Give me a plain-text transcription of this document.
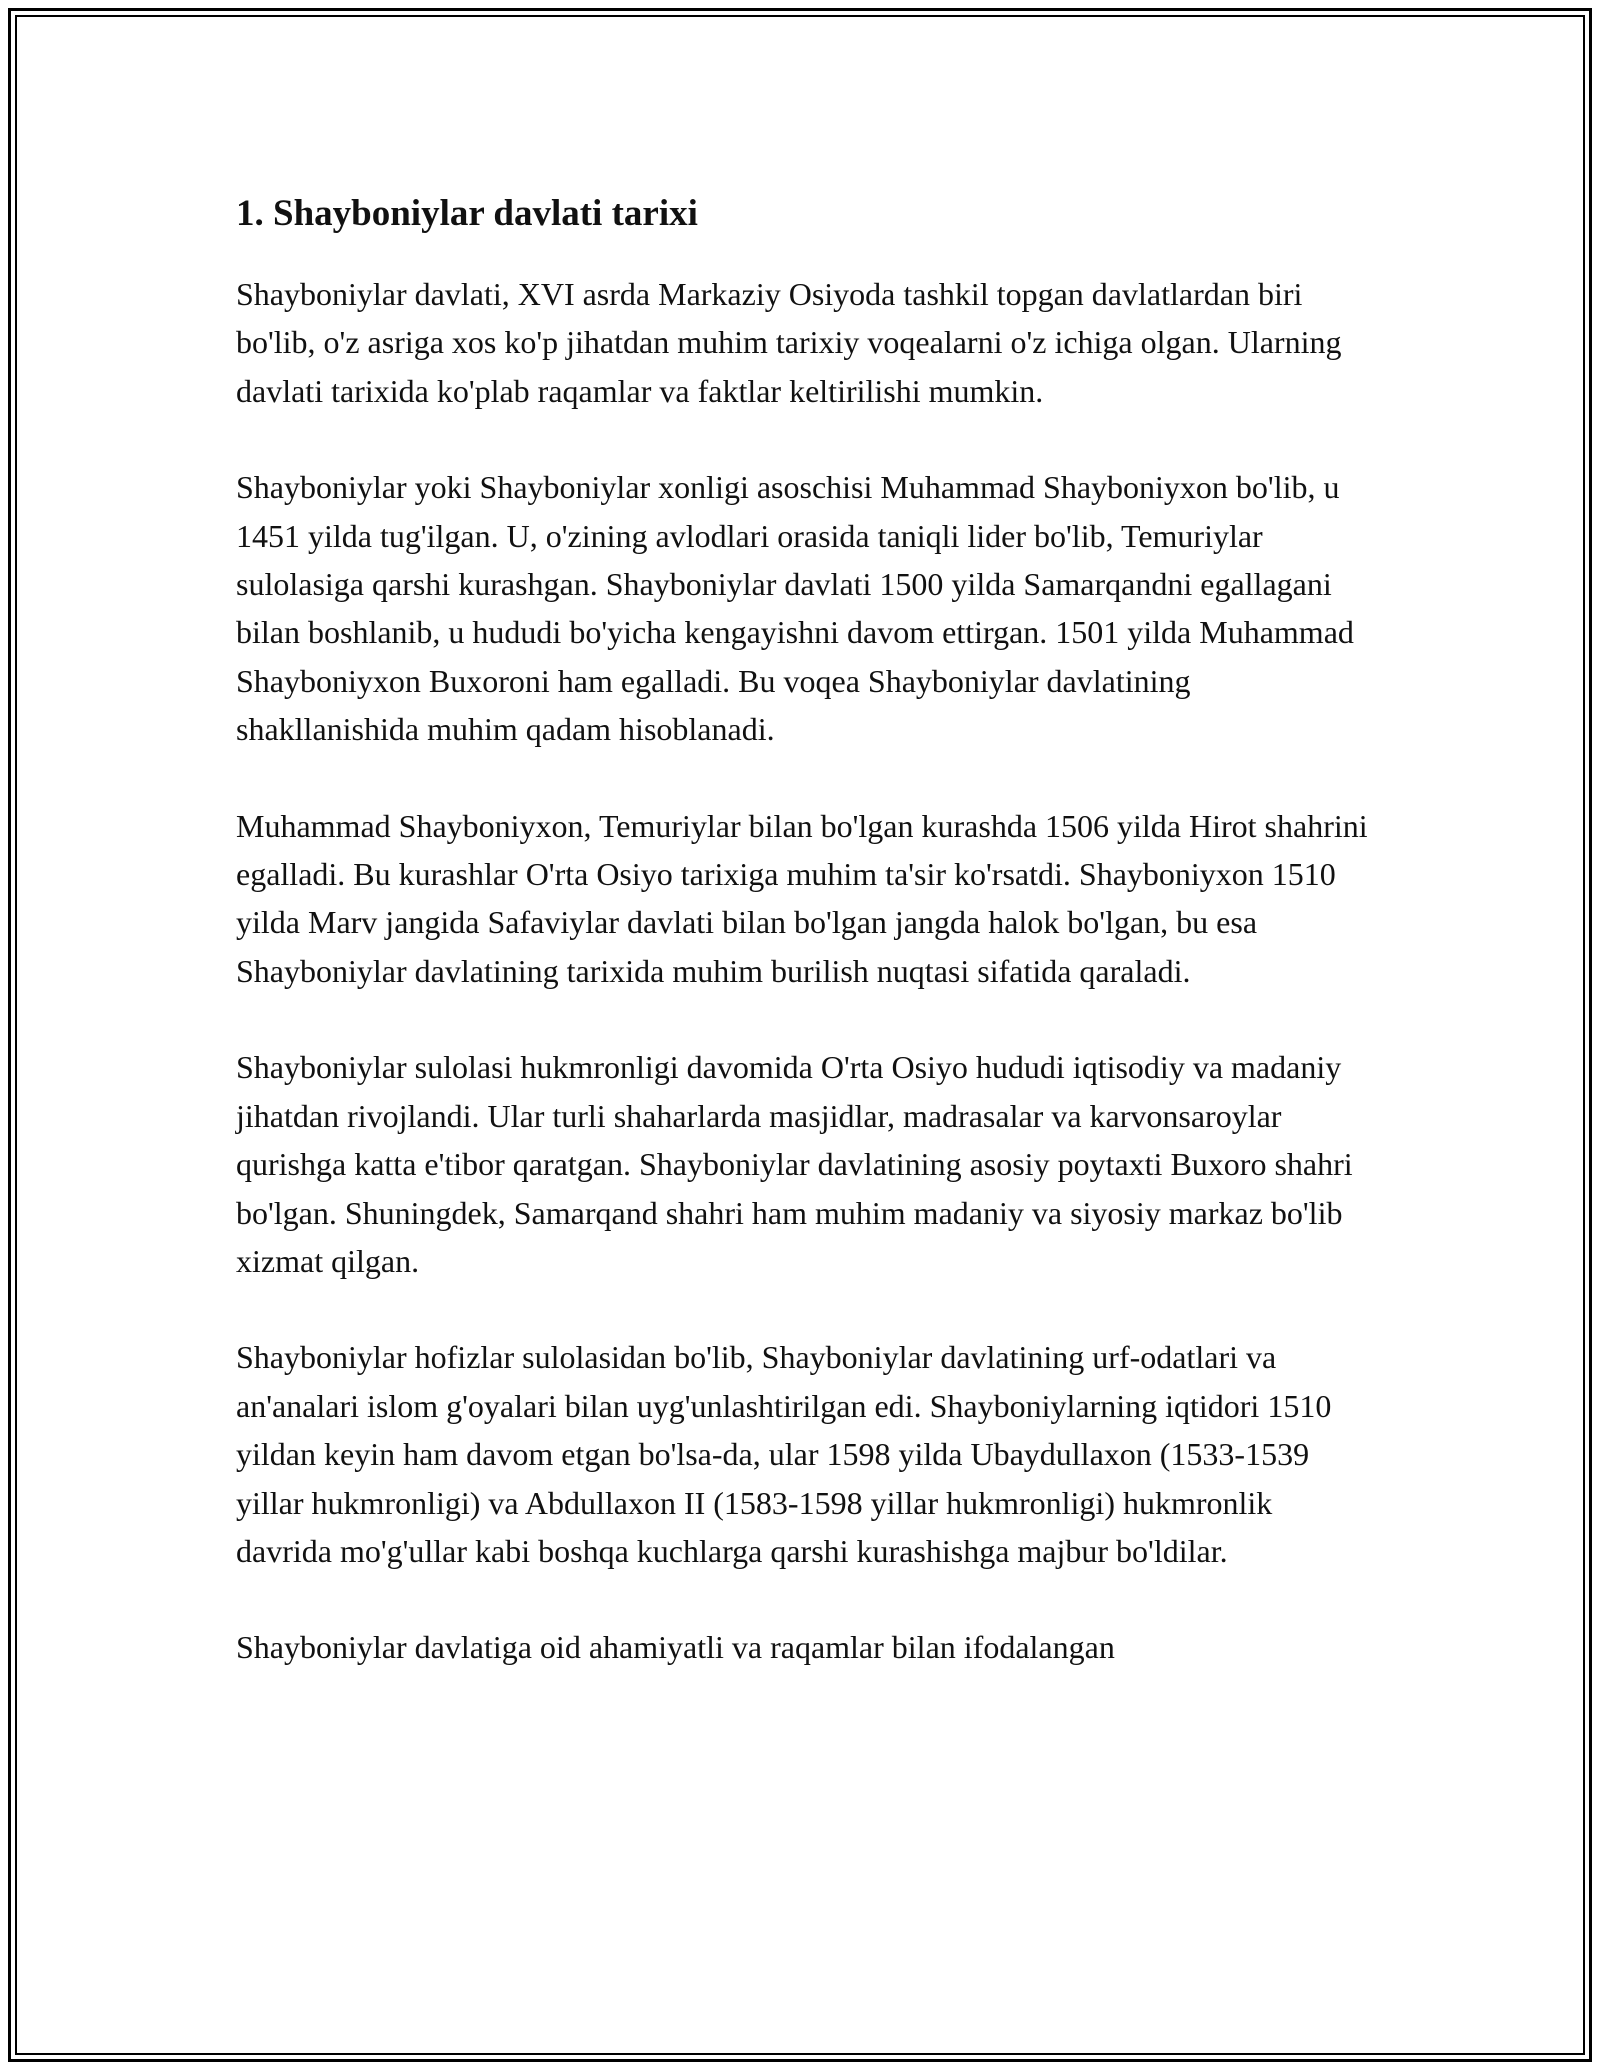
1. Shayboniylar davlati tarixi

Shayboniylar davlati, XVI asrda Markaziy Osiyoda tashkil topgan davlatlardan biri bo'lib, o'z asriga xos ko'p jihatdan muhim tarixiy voqealarni o'z ichiga olgan. Ularning davlati tarixida ko'plab raqamlar va faktlar keltirilishi mumkin.

Shayboniylar yoki Shayboniylar xonligi asoschisi Muhammad Shayboniyxon bo'lib, u 1451 yilda tug'ilgan. U, o'zining avlodlari orasida taniqli lider bo'lib, Temuriylar sulolasiga qarshi kurashgan. Shayboniylar davlati 1500 yilda Samarqandni egallagani bilan boshlanib, u hududi bo'yicha kengayishni davom ettirgan. 1501 yilda Muhammad Shayboniyxon Buxoroni ham egalladi. Bu voqea Shayboniylar davlatining shakllanishida muhim qadam hisoblanadi.

Muhammad Shayboniyxon, Temuriylar bilan bo'lgan kurashda 1506 yilda Hirot shahrini egalladi. Bu kurashlar O'rta Osiyo tarixiga muhim ta'sir ko'rsatdi. Shayboniyxon 1510 yilda Marv jangida Safaviylar davlati bilan bo'lgan jangda halok bo'lgan, bu esa Shayboniylar davlatining tarixida muhim burilish nuqtasi sifatida qaraladi.

Shayboniylar sulolasi hukmronligi davomida O'rta Osiyo hududi iqtisodiy va madaniy jihatdan rivojlandi. Ular turli shaharlarda masjidlar, madrasalar va karvonsaroylar qurishga katta e'tibor qaratgan. Shayboniylar davlatining asosiy poytaxti Buxoro shahri bo'lgan. Shuningdek, Samarqand shahri ham muhim madaniy va siyosiy markaz bo'lib xizmat qilgan.

Shayboniylar hofizlar sulolasidan bo'lib, Shayboniylar davlatining urf-odatlari va an'analari islom g'oyalari bilan uyg'unlashtirilgan edi. Shayboniylarning iqtidori 1510 yildan keyin ham davom etgan bo'lsa-da, ular 1598 yilda Ubaydullaxon (1533-1539 yillar hukmronligi) va Abdullaxon II (1583-1598 yillar hukmronligi) hukmronlik davrida mo'g'ullar kabi boshqa kuchlarga qarshi kurashishga majbur bo'ldilar.

Shayboniylar davlatiga oid ahamiyatli va raqamlar bilan ifodalangan
